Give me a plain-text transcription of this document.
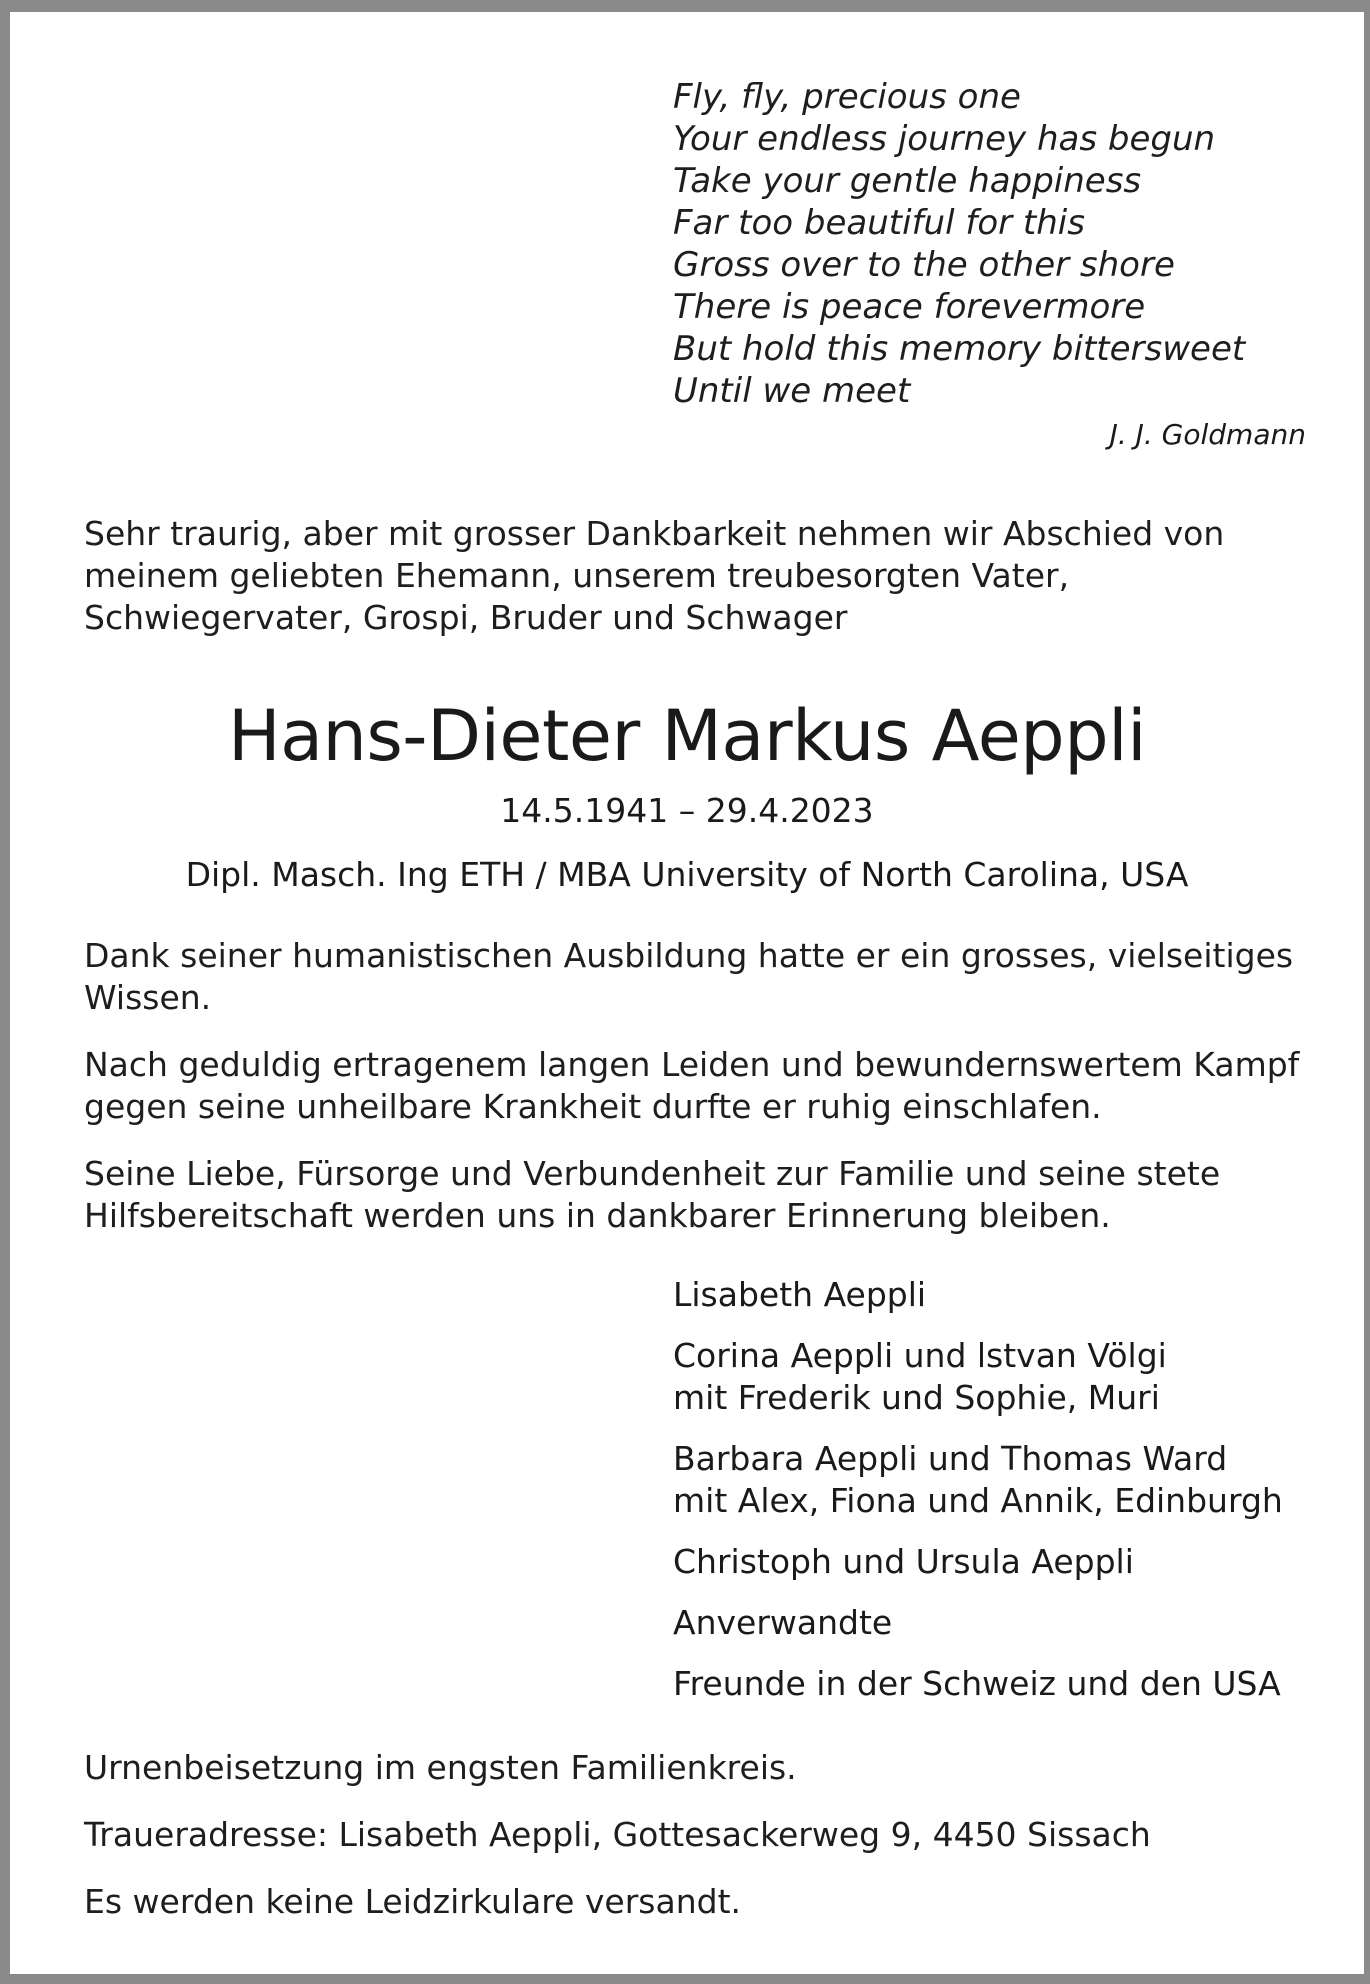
Fly, fly, precious one
Your endless journey has begun
Take your gentle happiness
Far too beautiful for this
Gross over to the other shore
There is peace forevermore
But hold this memory bittersweet
Until we meet
J. J. Goldmann

Sehr traurig, aber mit grosser Dankbarkeit nehmen wir Abschied von meinem geliebten Ehemann, unserem treubesorgten Vater, Schwiegervater, Grospi, Bruder und Schwager

Hans-Dieter Markus Aeppli
14.5.1941 – 29.4.2023
Dipl. Masch. Ing ETH / MBA University of North Carolina, USA

Dank seiner humanistischen Ausbildung hatte er ein grosses, vielseitiges Wissen.

Nach geduldig ertragenem langen Leiden und bewundernswertem Kampf gegen seine unheilbare Krankheit durfte er ruhig einschlafen.

Seine Liebe, Fürsorge und Verbundenheit zur Familie und seine stete Hilfsbereitschaft werden uns in dankbarer Erinnerung bleiben.

Lisabeth Aeppli
Corina Aeppli und lstvan Völgi
mit Frederik und Sophie, Muri
Barbara Aeppli und Thomas Ward
mit Alex, Fiona und Annik, Edinburgh
Christoph und Ursula Aeppli
Anverwandte
Freunde in der Schweiz und den USA

Urnenbeisetzung im engsten Familienkreis.

Traueradresse: Lisabeth Aeppli, Gottesackerweg 9, 4450 Sissach

Es werden keine Leidzirkulare versandt.
